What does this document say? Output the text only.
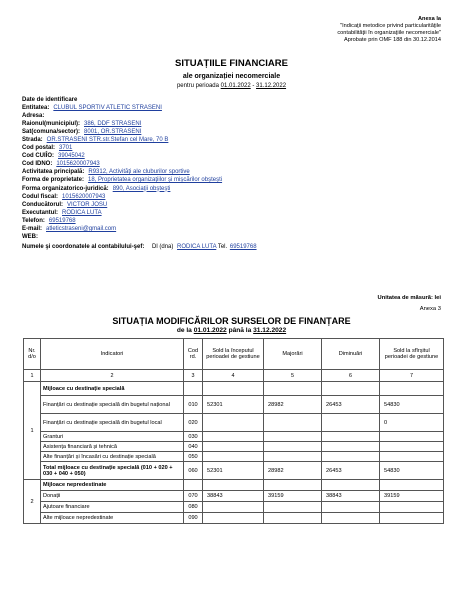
Anexa la
"Indicaţii metodice privind particularităţile
contabilităţii în organizaţiile necomerciale"
Aprobate prin OMF 188 din 30.12.2014
SITUAȚIILE FINANCIARE
ale organizației necomerciale
pentru perioada 01.01.2022 - 31.12.2022
Date de identificare
Entitatea: CLUBUL SPORTIV ATLETIC STRASENI
Adresa:
Raionul(municipiul): 386, DDF STRASENI
Sat(comuna/sector): 8001, OR.STRASENI
Strada: OR.STRASENI STR.str.Stefan cel Mare, 70 B
Cod postal: 3701
Cod CUIÎO: 39045042
Cod IDNO: 1015620007943
Activitatea principală: R9312, Activităţi ale cluburilor sportive
Forma de proprietate: 18, Proprietatea organizaţiilor şi mişcărilor obşteşti
Forma organizatorico-juridică: 890, Asociaţii obşteşti
Codul fiscal: 1015620007943
Conducătorul: VICTOR JOSU
Executantul: RODICA LUTA
Telefon: 69519768
E-mail: atleticstraseni@gmail.com
WEB:
Numele şi coordonatele al contabilului-şef: Dl (dna) RODICA LUTA Tel. 69519768
Unitatea de măsură: lei
Anexa 3
SITUAȚIA MODIFICĂRILOR SURSELOR DE FINANȚARE
de la 01.01.2022 până la 31.12.2022
Nr. d/o	Indicatori	Cod rd.	Sold la începutul perioadei de gestiune	Majorări	Diminuări	Sold la sfîrșitul perioadei de gestiune
1	2	3	4	5	6	7
1	Mijloace cu destinație specială					
	Finanțări cu destinație specială din bugetul național	010	52301	28982	26453	54830
	Finanțări cu destinație specială din bugetul local	020				0
	Granturi	030				
	Asistența financiară și tehnică	040				
	Alte finanțări și încasări cu destinație specială	050				
	Total mijloace cu destinație specială (010 + 020 + 030 + 040 + 050)	060	52301	28982	26453	54830
2	Mijloace nepredestinate					
	Donații	070	38843	39159	38843	39159
	Ajutoare financiare	080				
	Alte mijloace nepredestinate	090				
